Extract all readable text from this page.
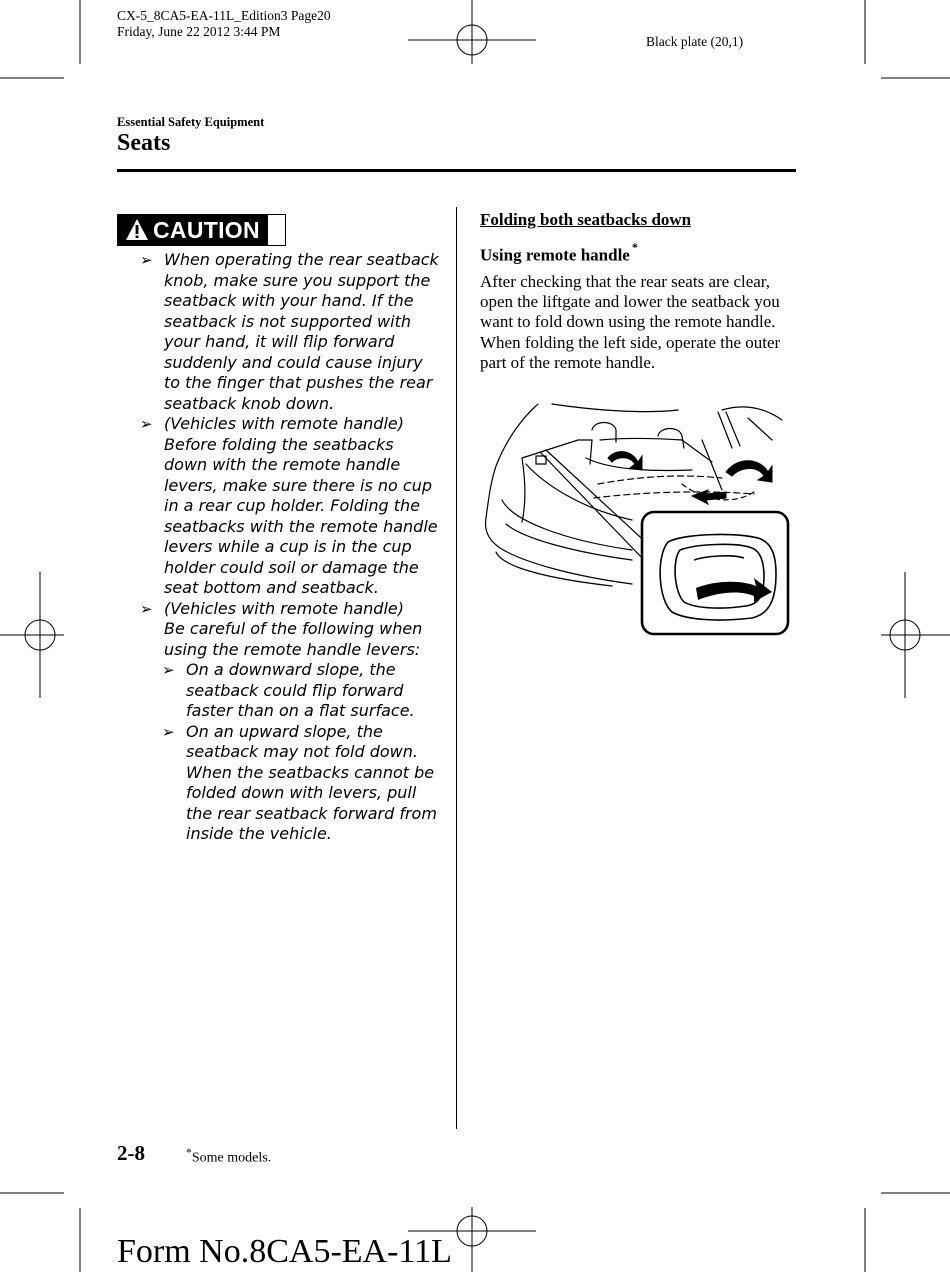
CX-5_8CA5-EA-11L_Edition3 Page20
Friday, June 22 2012 3:44 PM
Black plate (20,1)
Essential Safety Equipment
Seats
CAUTION
➢ When operating the rear seatback knob, make sure you support the seatback with your hand. If the seatback is not supported with your hand, it will flip forward suddenly and could cause injury to the finger that pushes the rear seatback knob down.
➢ (Vehicles with remote handle)
Before folding the seatbacks down with the remote handle levers, make sure there is no cup in a rear cup holder. Folding the seatbacks with the remote handle levers while a cup is in the cup holder could soil or damage the seat bottom and seatback.
➢ (Vehicles with remote handle)
Be careful of the following when using the remote handle levers:
➢ On a downward slope, the seatback could flip forward faster than on a flat surface.
➢ On an upward slope, the seatback may not fold down. When the seatbacks cannot be folded down with levers, pull the rear seatback forward from inside the vehicle.
Folding both seatbacks down
Using remote handle *
After checking that the rear seats are clear, open the liftgate and lower the seatback you want to fold down using the remote handle.
When folding the left side, operate the outer part of the remote handle.
2-8	*Some models.
Form No.8CA5-EA-11L
